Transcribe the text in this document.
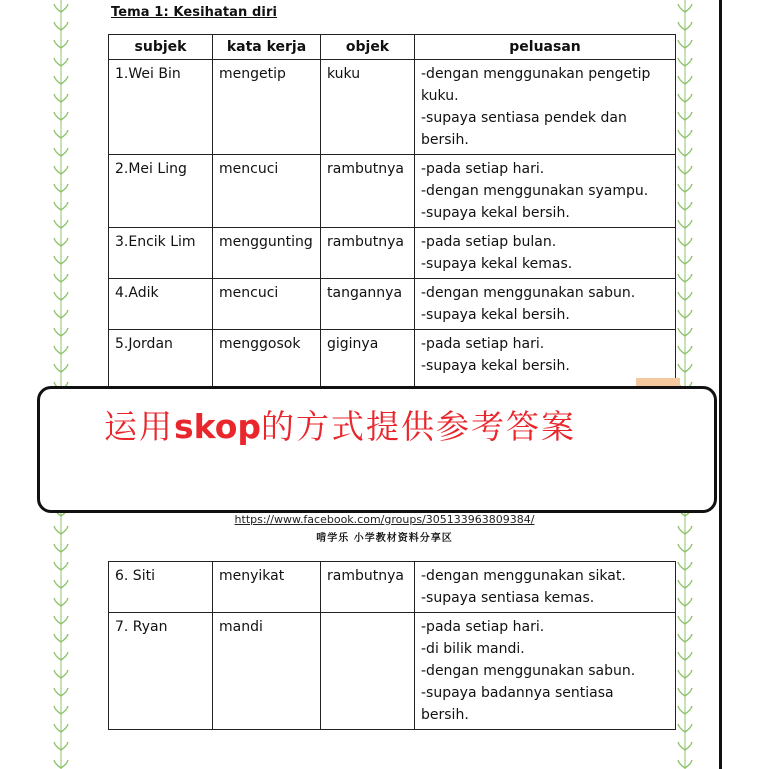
Tema 1: Kesihatan diri
subjek	kata kerja	objek	peluasan
1.Wei Bin	mengetip	kuku	-dengan menggunakan pengetip
kuku.
-supaya sentiasa pendek dan
bersih.

2.Mei Ling	mencuci	rambutnya	-pada setiap hari.
-dengan menggunakan syampu.
-supaya kekal bersih.

3.Encik Lim	menggunting	rambutnya	-pada setiap bulan.
-supaya kekal kemas.

4.Adik	mencuci	tangannya	-dengan menggunakan sabun.
-supaya kekal bersih.

5.Jordan	menggosok	giginya	-pada setiap hari.
-supaya kekal bersih.
运用skop的方式提供参考答案
https://www.facebook.com/groups/305133963809384/
啃学乐 小学教材资料分享区
6. Siti	menyikat	rambutnya	-dengan menggunakan sikat.
-supaya sentiasa kemas.

7. Ryan	mandi		-pada setiap hari.
-di bilik mandi.
-dengan menggunakan sabun.
-supaya badannya sentiasa
bersih.
